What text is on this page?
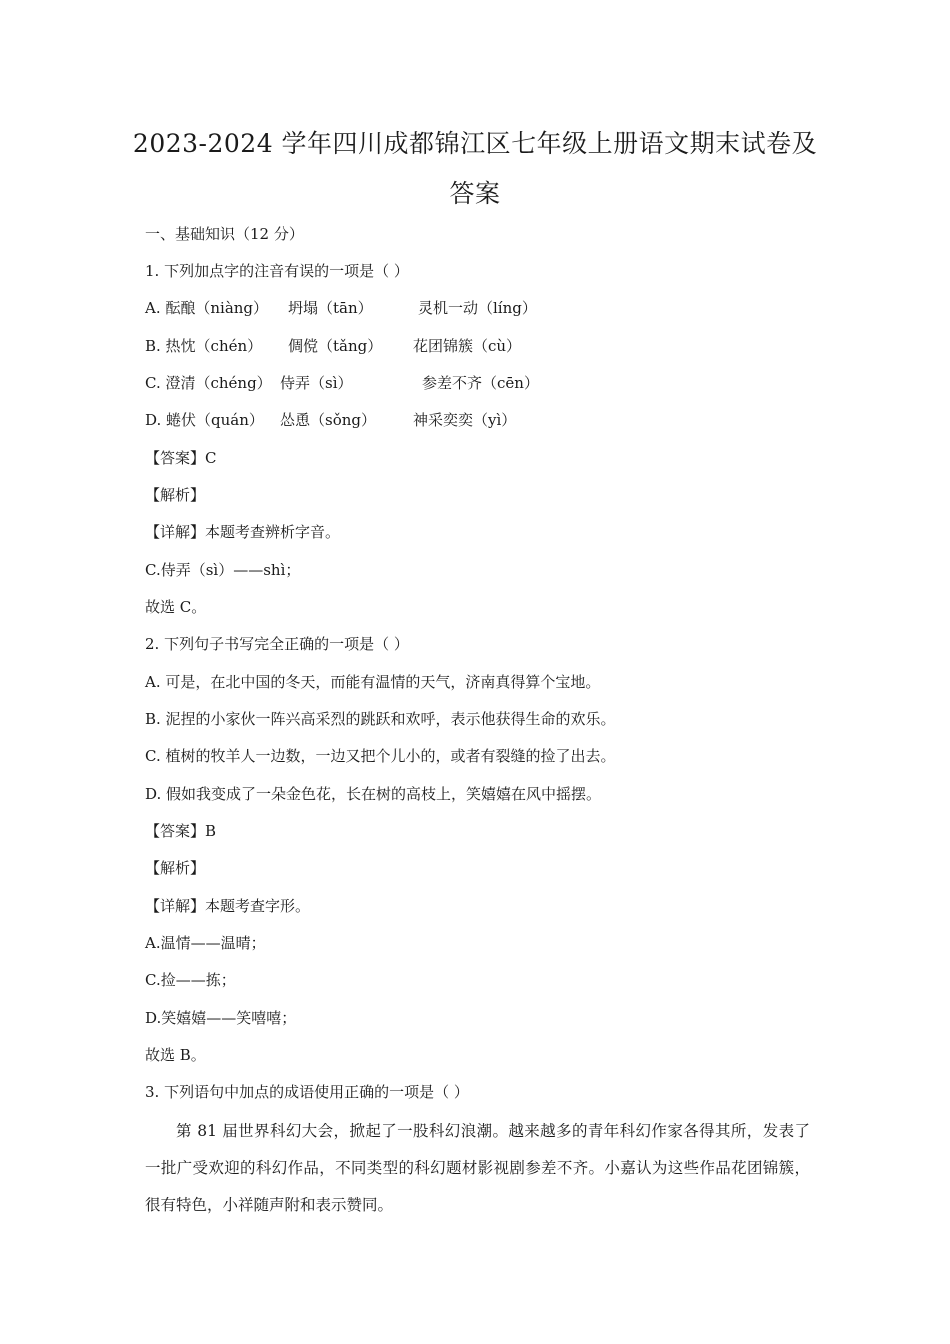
2023-2024 学年四川成都锦江区七年级上册语文期末试卷及
答案
一、基础知识（12 分）
1. 下列加点字的注音有误的一项是（ ）
A. 酝酿（niàng） 坍塌（tān）	灵机一动（líng）
B. 热忱（chén） 倜傥（tǎng） 花团锦簇（cù）
C. 澄清（chéng） 侍弄（sì）	参差不齐（cēn）
D. 蜷伏（quán） 怂恿（sǒng） 神采奕奕（yì）
【答案】C
【解析】
【详解】本题考查辨析字音。
C.侍弄（sì）——shì；
故选 C。
2. 下列句子书写完全正确的一项是（ ）
A. 可是，在北中国的冬天，而能有温情的天气，济南真得算个宝地。
B. 泥捏的小家伙一阵兴高采烈的跳跃和欢呼，表示他获得生命的欢乐。
C. 植树的牧羊人一边数，一边又把个儿小的，或者有裂缝的捡了出去。
D. 假如我变成了一朵金色花，长在树的高枝上，笑嬉嬉在风中摇摆。
【答案】B
【解析】
【详解】本题考查字形。
A.温情——温晴；
C.捡——拣；
D.笑嬉嬉——笑嘻嘻；
故选 B。
3. 下列语句中加点的成语使用正确的一项是（ ）
第 81 届世界科幻大会，掀起了一股科幻浪潮。越来越多的青年科幻作家各得其所，发表了一批广受欢迎的科幻作品，不同类型的科幻题材影视剧参差不齐。小嘉认为这些作品花团锦簇，很有特色，小祥随声附和表示赞同。
